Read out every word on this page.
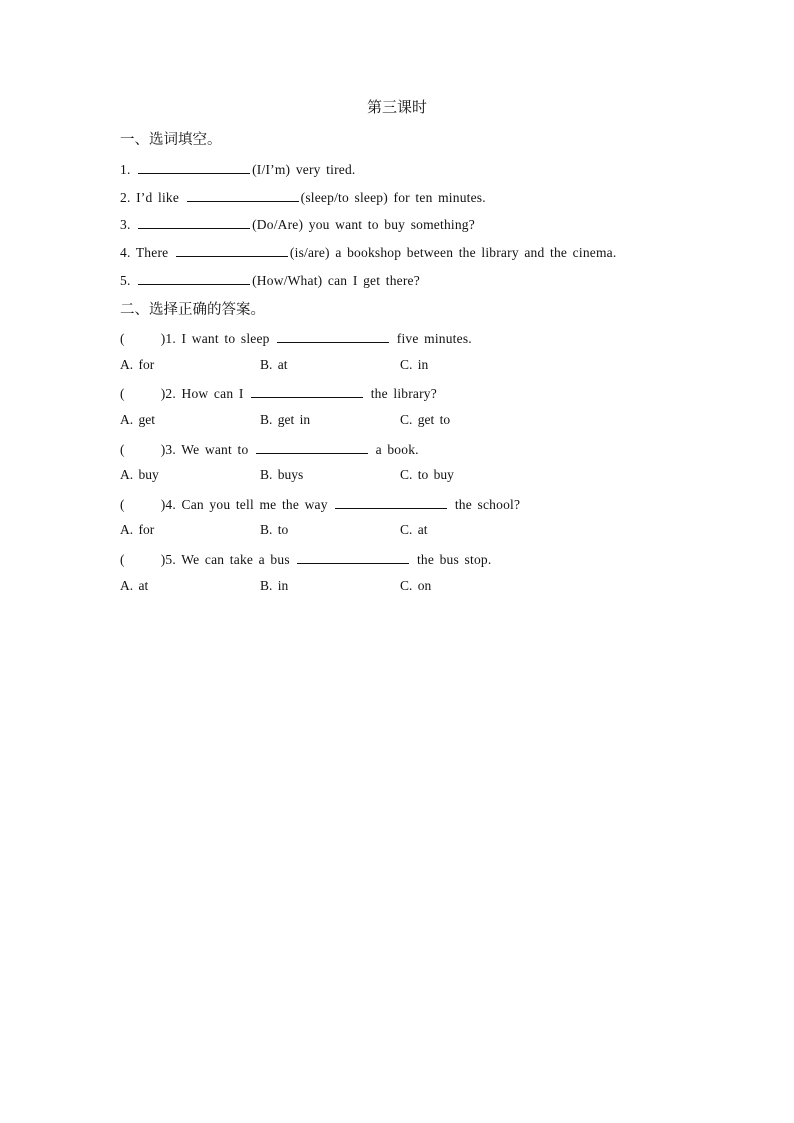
第三课时
一、选词填空。
1.	(I/I’m) very tired.
2. I’d like	(sleep/to sleep) for ten minutes.
3.	(Do/Are) you want to buy something?
4. There	(is/are) a bookshop between the library and the cinema.
5.	(How/What) can I get there?
二、选择正确的答案。
(	)1. I want to sleep	five minutes.
A. for	B. at	C. in
(	)2. How can I	the library?
A. get	B. get in	C. get to
(	)3. We want to	a book.
A. buy	B. buys	C. to buy
(	)4. Can you tell me the way	the school?
A. for	B. to	C. at
(	)5. We can take a bus	the bus stop.
A. at	B. in	C. on
